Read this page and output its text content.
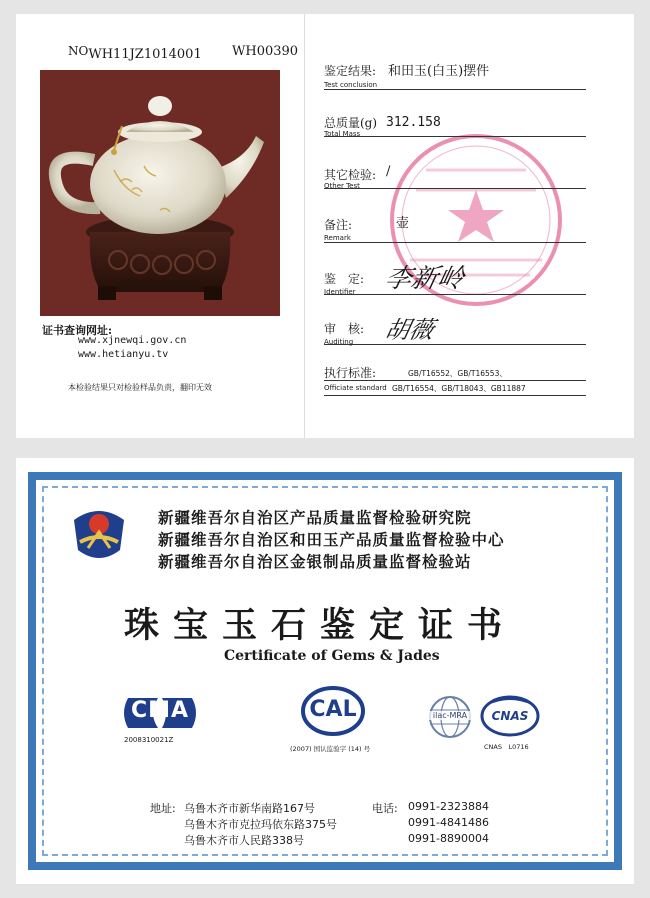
NOWH11JZ1014001 WH00390
证书查询网址:
www.xjnewqi.gov.cn
www.hetianyu.tv
本检验结果只对检验样品负责，翻印无效
鉴定结果: 和田玉(白玉)摆件
Test conclusion
总质量(g) 312.158
Total Mass
其它检验: /
Other Test
备注:	壶
Remark
鉴　定: 李新岭
Identifier
审　核: 胡薇
Auditing
执行标准:	GB/T16552、GB/T16553、
Officiate standard GB/T16554、GB/T18043、GB11887
新疆维吾尔自治区产品质量监督检验研究院
新疆维吾尔自治区和田玉产品质量监督检验中心
新疆维吾尔自治区金银制品质量监督检验站
珠宝玉石鉴定证书
Certificate of Gems & Jades
CMA
2008310021Z
CAL
(2007) 国认监验字 (14) 号
ilac-MRA	CNAS
CNAS　L0716
地址: 乌鲁木齐市新华南路167号
乌鲁木齐市克拉玛依东路375号
乌鲁木齐市人民路338号
电话: 0991-2323884
0991-4841486
0991-8890004
